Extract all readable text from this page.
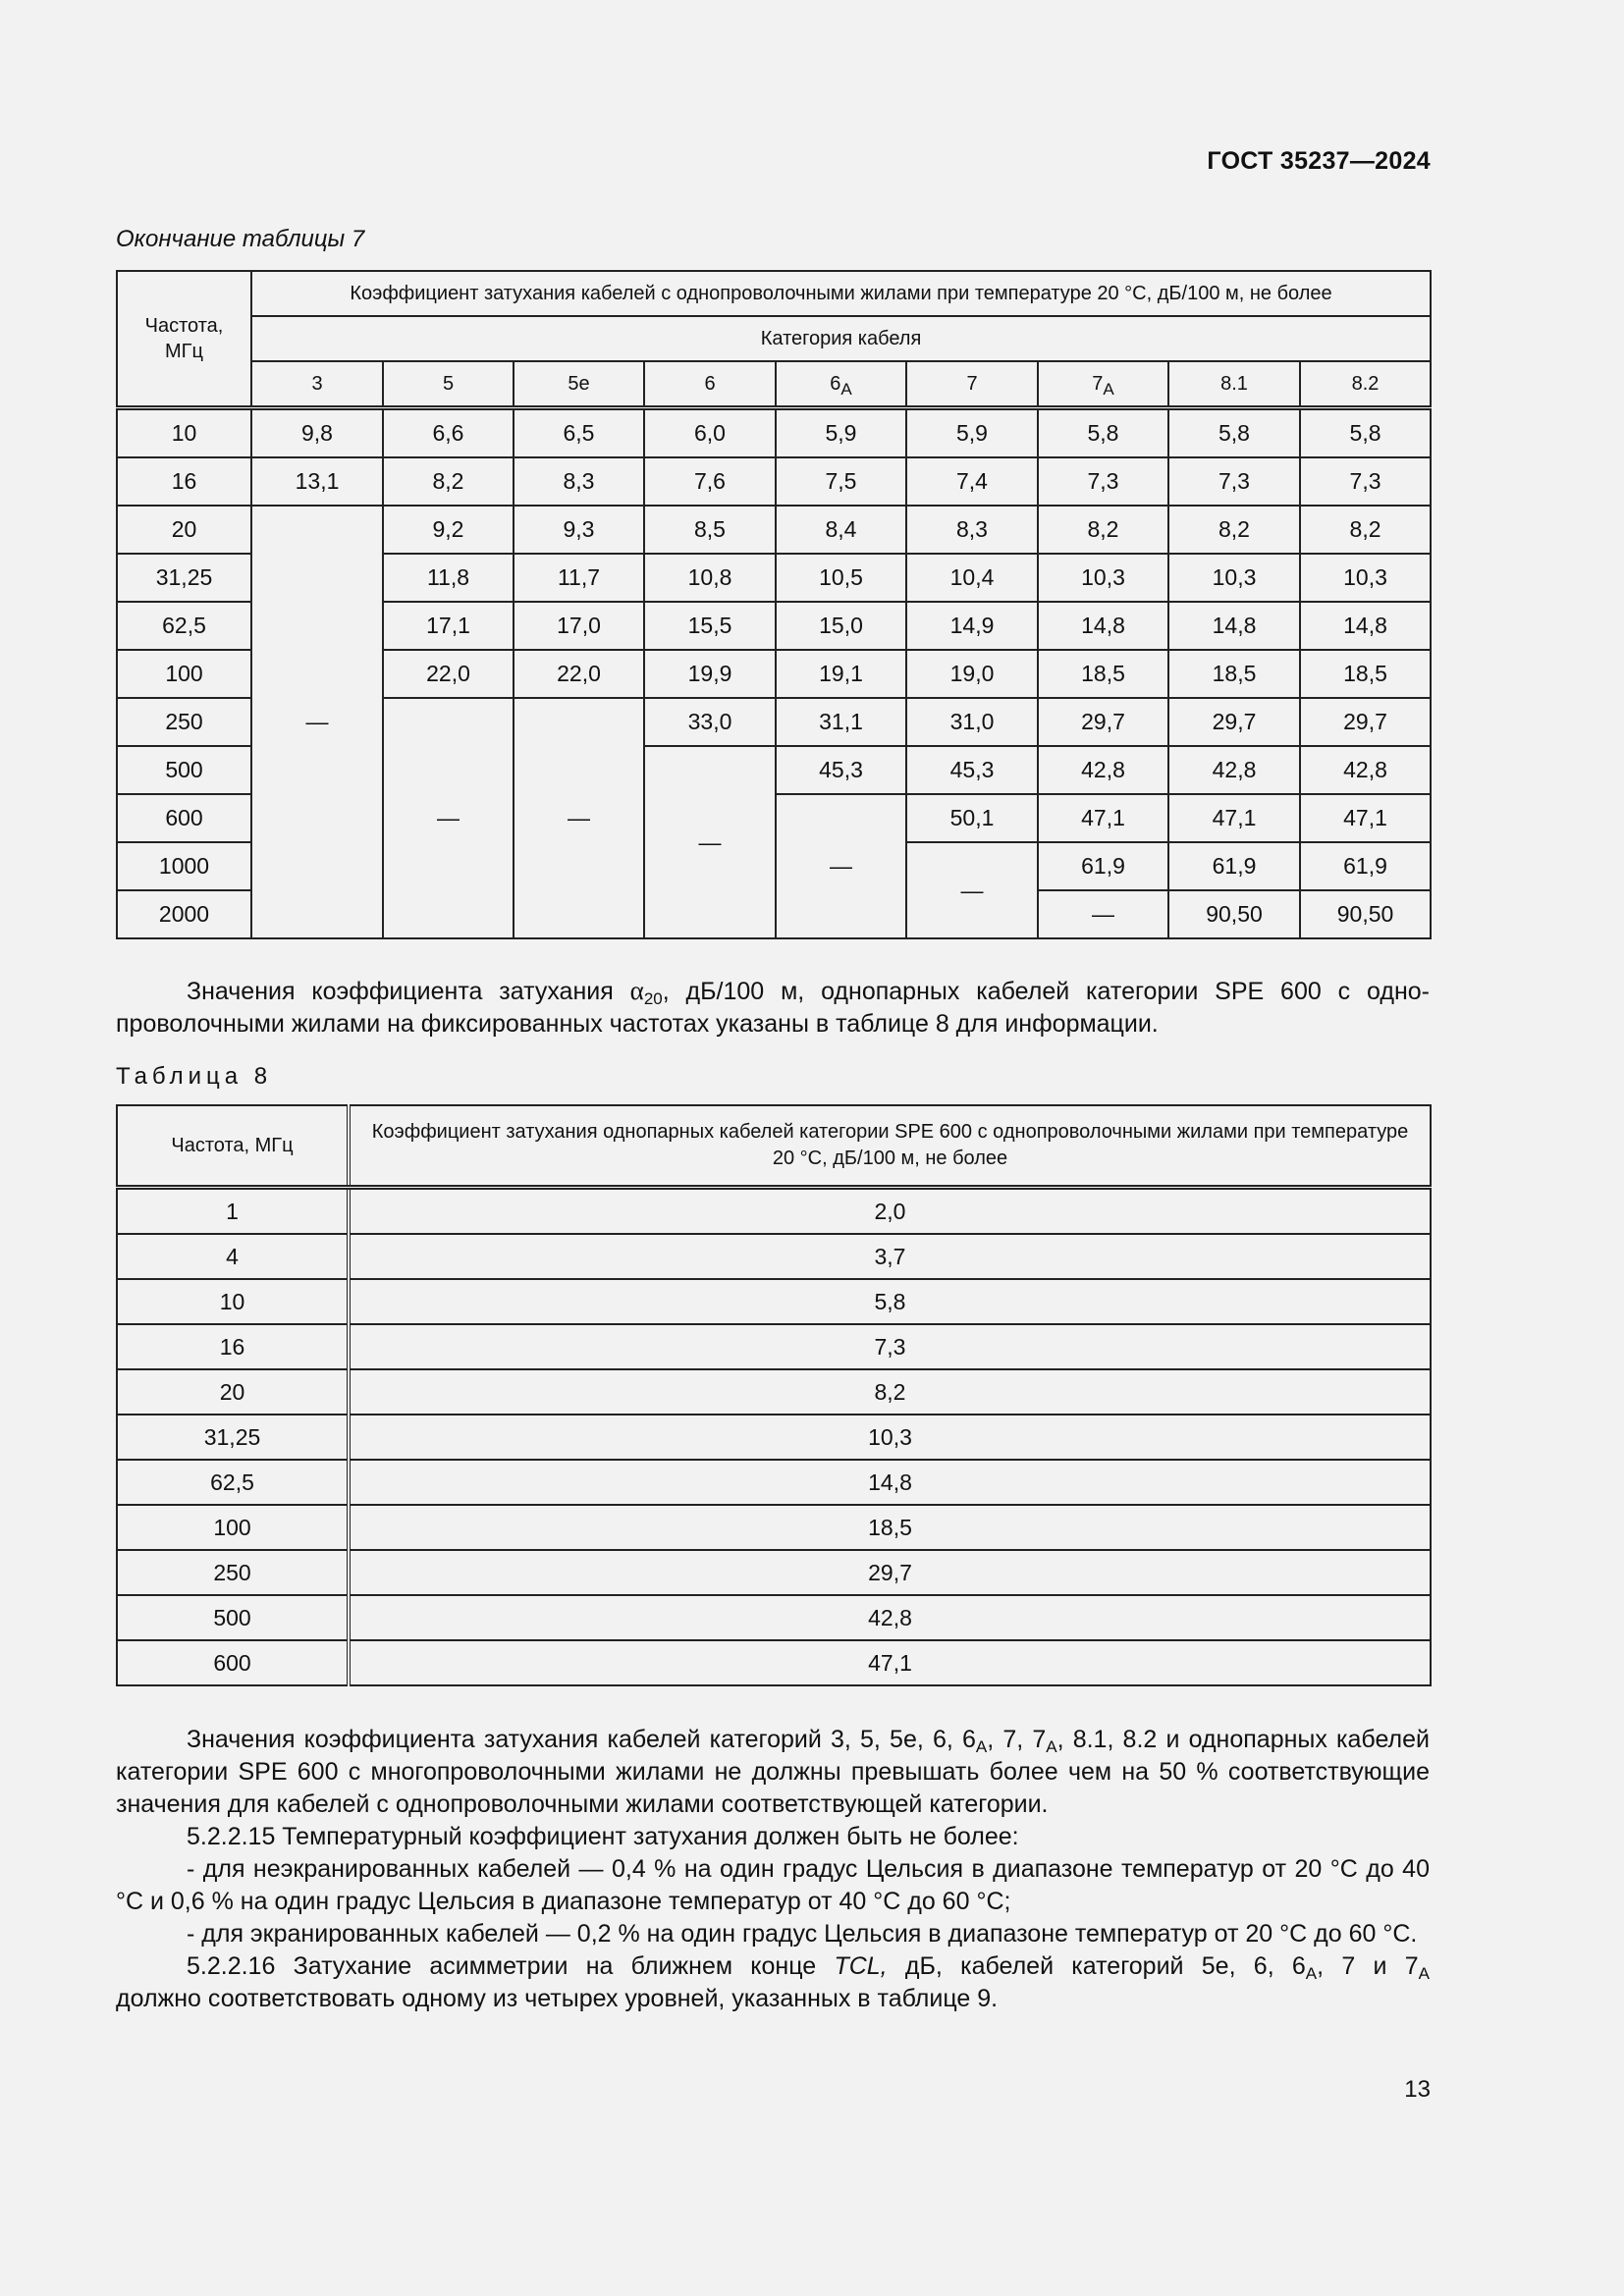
ГОСТ 35237—2024
Окончание таблицы 7
Частота, МГц	Коэффициент затухания кабелей с однопроволочными жилами при температуре 20 °С, дБ/100 м, не более								
	Категория кабеля								
	3	5	5e	6	$6_A$	7	$7_A$	8.1	8.2
10	9,8	6,6	6,5	6,0	5,9	5,9	5,8	5,8	5,8
16	13,1	8,2	8,3	7,6	7,5	7,4	7,3	7,3	7,3
20	—	9,2	9,3	8,5	8,4	8,3	8,2	8,2	8,2
31,25		11,8	11,7	10,8	10,5	10,4	10,3	10,3	10,3
62,5		17,1	17,0	15,5	15,0	14,9	14,8	14,8	14,8
100		22,0	22,0	19,9	19,1	19,0	18,5	18,5	18,5
250		—	—	33,0	31,1	31,0	29,7	29,7	29,7
500				—	45,3	45,3	42,8	42,8	42,8
600					—	50,1	47,1	47,1	47,1
1000						—	61,9	61,9	61,9
2000							—	90,50	90,50

Значения коэффициента затухания $\alpha_{20}$, дБ/100 м, однопарных кабелей категории SPE 600 с однопроволочными жилами на фиксированных частотах указаны в таблице 8 для информации.

Таблица 8
Частота, МГц	Коэффициент затухания однопарных кабелей категории SPE 600 с однопроволочными жилами при температуре 20 °С, дБ/100 м, не более
1	2,0
4	3,7
10	5,8
16	7,3
20	8,2
31,25	10,3
62,5	14,8
100	18,5
250	29,7
500	42,8
600	47,1

Значения коэффициента затухания кабелей категорий 3, 5, 5е, 6, $6_A$, 7, $7_A$, 8.1, 8.2 и однопарных кабелей категории SPE 600 с многопроволочными жилами не должны превышать более чем на 50 % соответствующие значения для кабелей с однопроволочными жилами соответствующей категории.

5.2.2.15 Температурный коэффициент затухания должен быть не более:

- для неэкранированных кабелей — 0,4 % на один градус Цельсия в диапазоне температур от 20 °С до 40 °С и 0,6 % на один градус Цельсия в диапазоне температур от 40 °С до 60 °С;

- для экранированных кабелей — 0,2 % на один градус Цельсия в диапазоне температур от 20 °С до 60 °С.

5.2.2.16 Затухание асимметрии на ближнем конце TCL, дБ, кабелей категорий 5е, 6, $6_A$, 7 и $7_A$

должно соответствовать одному из четырех уровней, указанных в таблице 9.

13
